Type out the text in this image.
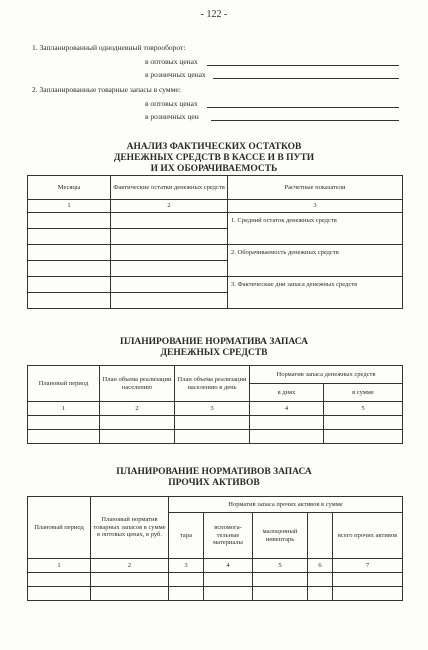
- 122 -
1. Запланированный однодневный товрооборот:
в оптовых ценах
в розничных ценах
2. Запланированные товарные запасы в сумме:
в оптовых ценах
в розничных цен
АНАЛИЗ ФАКТИЧЕСКИХ ОСТАТКОВ
ДЕНЕЖНЫХ СРЕДСТВ В КАССЕ И В ПУТИ
И ИХ ОБОРАЧИВАЕМОСТЬ
Месяцы	Фактические остатки денежных средств	Расчетные показатели
1	2	3
		1. Средний остаток денежных средств

		2. Оборачиваемость денежных средств

		3. Фактические дни запаса денежных средств

ПЛАНИРОВАНИЕ НОРМАТИВА ЗАПАСА
ДЕНЕЖНЫХ СРЕДСТВ
Плановый период	План объема реализации населению	План объема реализации населению в день	Норматив запаса денежных средств	
			в днях	в сумме
1	2	3	4	5

ПЛАНИРОВАНИЕ НОРМАТИВОВ ЗАПАСА
ПРОЧИХ АКТИВОВ
Плановый период	Плановый норматив товарных запасов в сумме в оптовых ценах, в руб.	Норматив запаса прочих активов в сумме				
		тара	вспомога-тельные материалы	малоценный инвентарь		всего прочих активов
1	2	3	4	5	6	7
